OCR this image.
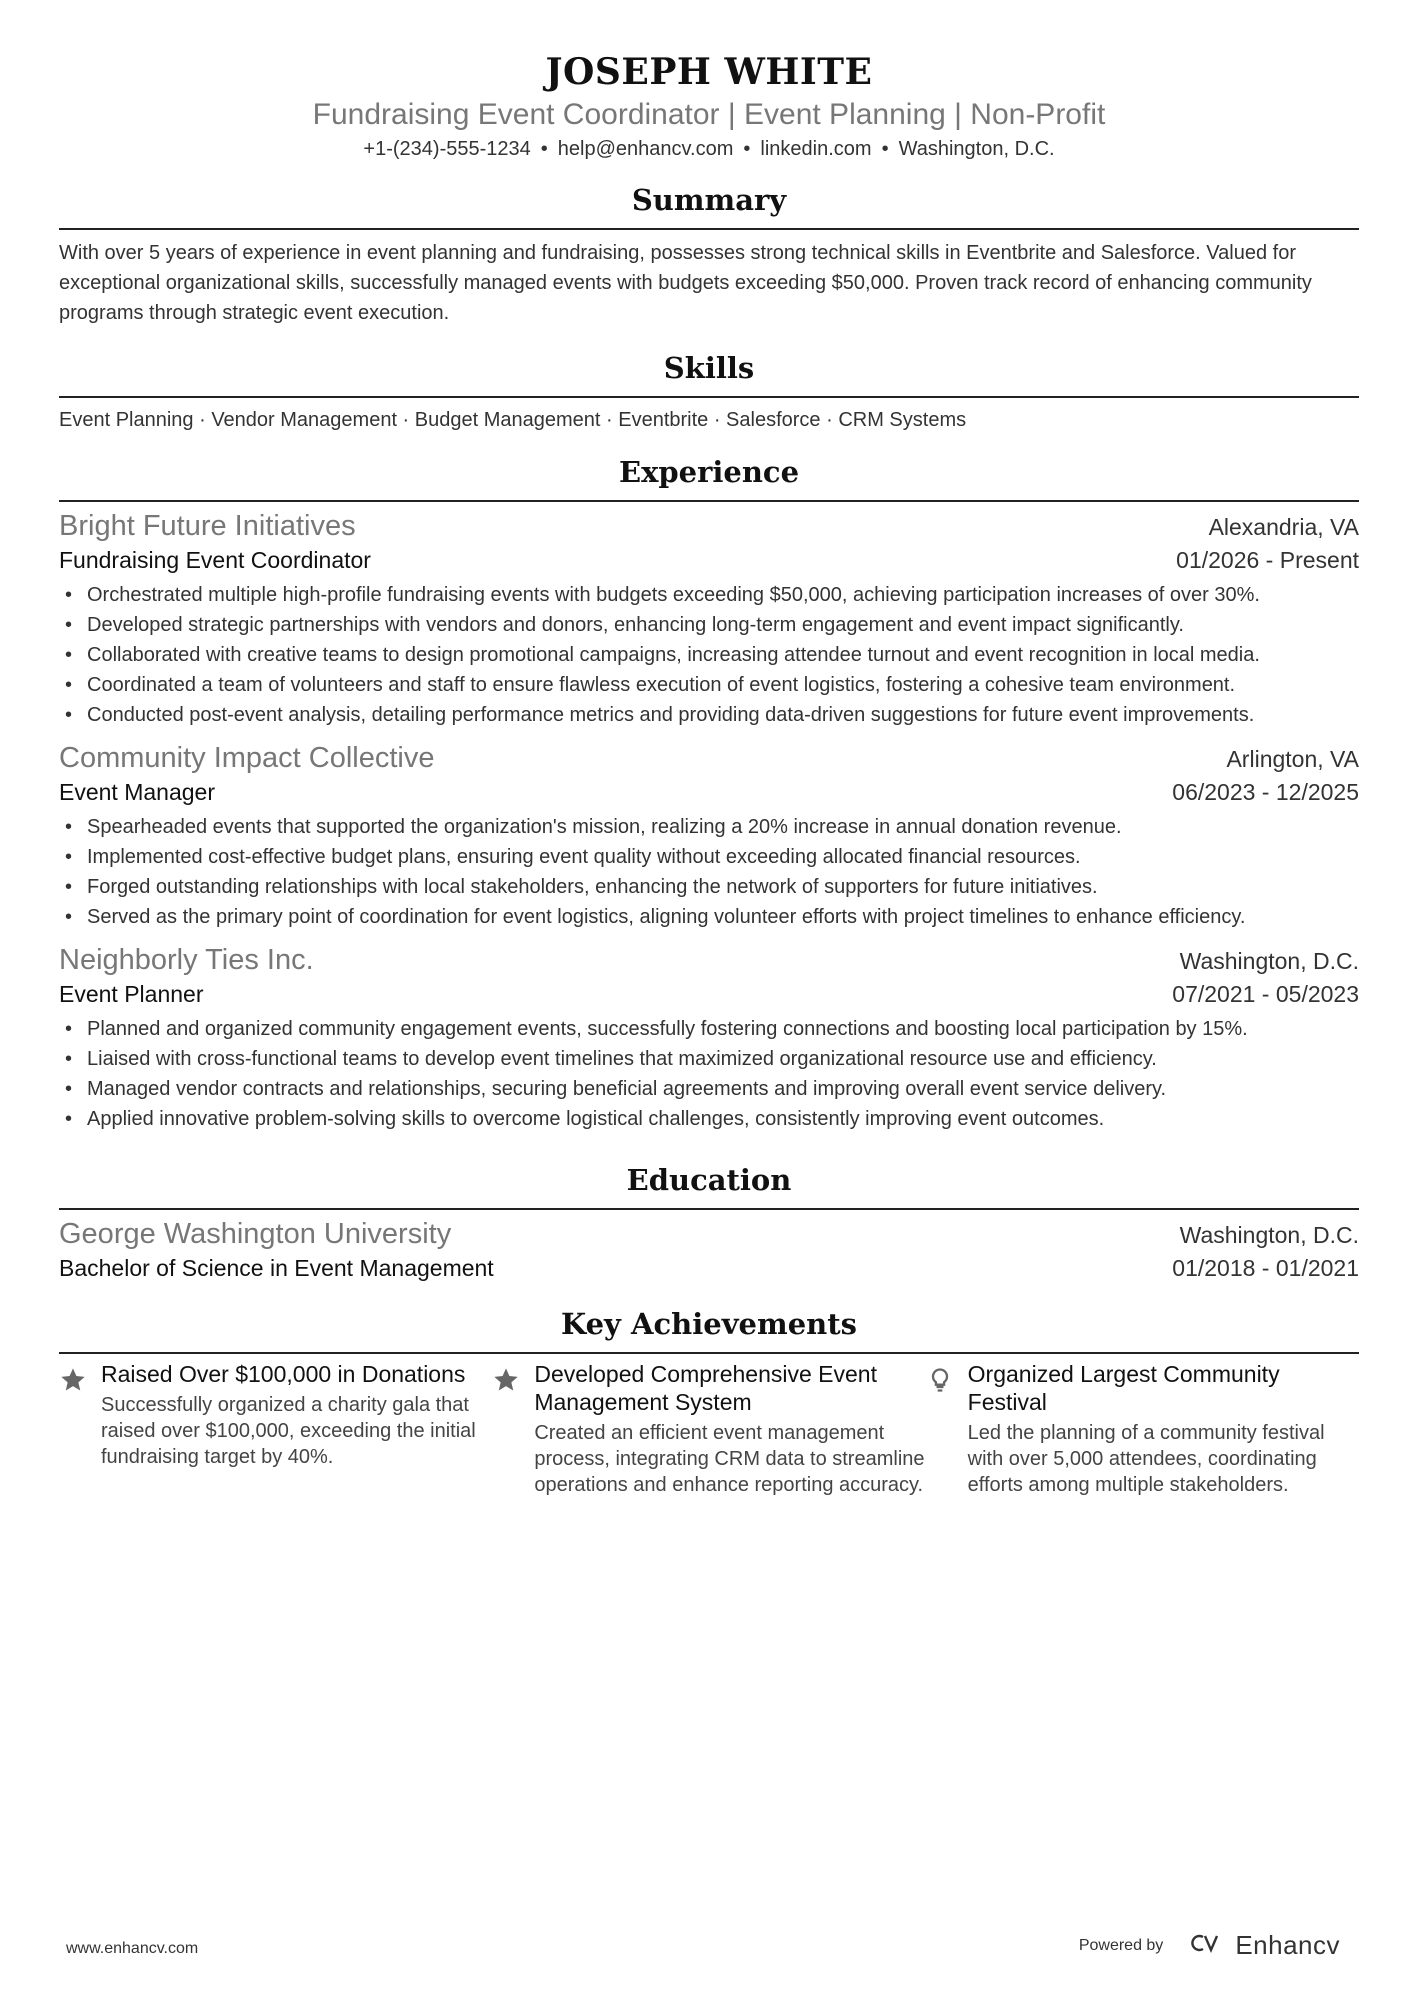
JOSEPH WHITE
Fundraising Event Coordinator | Event Planning | Non-Profit
+1-(234)-555-1234 • help@enhancv.com • linkedin.com • Washington, D.C.
Summary
With over 5 years of experience in event planning and fundraising, possesses strong technical skills in Eventbrite and Salesforce. Valued for exceptional organizational skills, successfully managed events with budgets exceeding $50,000. Proven track record of enhancing community programs through strategic event execution.
Skills
Event Planning · Vendor Management · Budget Management · Eventbrite · Salesforce · CRM Systems
Experience
Bright Future Initiatives	Alexandria, VA
Fundraising Event Coordinator	01/2026 - Present
• Orchestrated multiple high-profile fundraising events with budgets exceeding $50,000, achieving participation increases of over 30%.
• Developed strategic partnerships with vendors and donors, enhancing long-term engagement and event impact significantly.
• Collaborated with creative teams to design promotional campaigns, increasing attendee turnout and event recognition in local media.
• Coordinated a team of volunteers and staff to ensure flawless execution of event logistics, fostering a cohesive team environment.
• Conducted post-event analysis, detailing performance metrics and providing data-driven suggestions for future event improvements.
Community Impact Collective	Arlington, VA
Event Manager	06/2023 - 12/2025
• Spearheaded events that supported the organization's mission, realizing a 20% increase in annual donation revenue.
• Implemented cost-effective budget plans, ensuring event quality without exceeding allocated financial resources.
• Forged outstanding relationships with local stakeholders, enhancing the network of supporters for future initiatives.
• Served as the primary point of coordination for event logistics, aligning volunteer efforts with project timelines to enhance efficiency.
Neighborly Ties Inc.	Washington, D.C.
Event Planner	07/2021 - 05/2023
• Planned and organized community engagement events, successfully fostering connections and boosting local participation by 15%.
• Liaised with cross-functional teams to develop event timelines that maximized organizational resource use and efficiency.
• Managed vendor contracts and relationships, securing beneficial agreements and improving overall event service delivery.
• Applied innovative problem-solving skills to overcome logistical challenges, consistently improving event outcomes.
Education
George Washington University	Washington, D.C.
Bachelor of Science in Event Management	01/2018 - 01/2021
Key Achievements
Raised Over $100,000 in Donations
Successfully organized a charity gala that raised over $100,000, exceeding the initial fundraising target by 40%.
Developed Comprehensive Event Management System
Created an efficient event management process, integrating CRM data to streamline operations and enhance reporting accuracy.
Organized Largest Community Festival
Led the planning of a community festival with over 5,000 attendees, coordinating efforts among multiple stakeholders.
www.enhancv.com	Powered by	Enhancv
